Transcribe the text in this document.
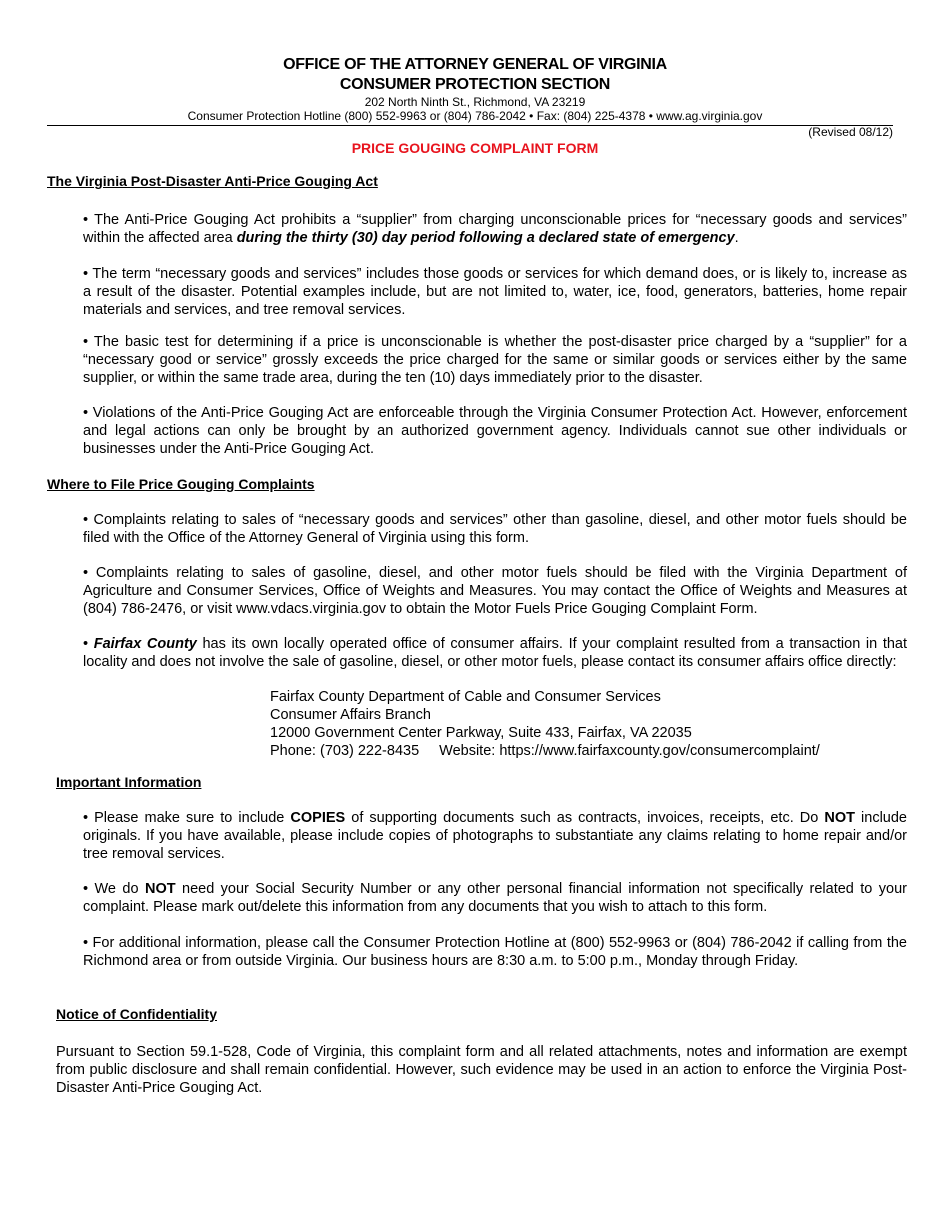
OFFICE OF THE ATTORNEY GENERAL OF VIRGINIA
CONSUMER PROTECTION SECTION
202 North Ninth St., Richmond, VA 23219
Consumer Protection Hotline (800) 552-9963 or (804) 786-2042 • Fax: (804) 225-4378 • www.ag.virginia.gov
(Revised 08/12)
PRICE GOUGING COMPLAINT FORM
The Virginia Post-Disaster Anti-Price Gouging Act
• The Anti-Price Gouging Act prohibits a “supplier” from charging unconscionable prices for “necessary goods and services” within the affected area during the thirty (30) day period following a declared state of emergency.
• The term “necessary goods and services” includes those goods or services for which demand does, or is likely to, increase as a result of the disaster. Potential examples include, but are not limited to, water, ice, food, generators, batteries, home repair materials and services, and tree removal services.
• The basic test for determining if a price is unconscionable is whether the post-disaster price charged by a “supplier” for a “necessary good or service” grossly exceeds the price charged for the same or similar goods or services either by the same supplier, or within the same trade area, during the ten (10) days immediately prior to the disaster.
• Violations of the Anti-Price Gouging Act are enforceable through the Virginia Consumer Protection Act. However, enforcement and legal actions can only be brought by an authorized government agency. Individuals cannot sue other individuals or businesses under the Anti-Price Gouging Act.
Where to File Price Gouging Complaints
• Complaints relating to sales of “necessary goods and services” other than gasoline, diesel, and other motor fuels should be filed with the Office of the Attorney General of Virginia using this form.
• Complaints relating to sales of gasoline, diesel, and other motor fuels should be filed with the Virginia Department of Agriculture and Consumer Services, Office of Weights and Measures. You may contact the Office of Weights and Measures at (804) 786-2476, or visit www.vdacs.virginia.gov to obtain the Motor Fuels Price Gouging Complaint Form.
• Fairfax County has its own locally operated office of consumer affairs. If your complaint resulted from a transaction in that locality and does not involve the sale of gasoline, diesel, or other motor fuels, please contact its consumer affairs office directly:
Fairfax County Department of Cable and Consumer Services
Consumer Affairs Branch
12000 Government Center Parkway, Suite 433, Fairfax, VA 22035
Phone: (703) 222-8435 Website: https://www.fairfaxcounty.gov/consumercomplaint/
Important Information
• Please make sure to include COPIES of supporting documents such as contracts, invoices, receipts, etc. Do NOT include originals. If you have available, please include copies of photographs to substantiate any claims relating to home repair and/or tree removal services.
• We do NOT need your Social Security Number or any other personal financial information not specifically related to your complaint. Please mark out/delete this information from any documents that you wish to attach to this form.
• For additional information, please call the Consumer Protection Hotline at (800) 552-9963 or (804) 786-2042 if calling from the Richmond area or from outside Virginia. Our business hours are 8:30 a.m. to 5:00 p.m., Monday through Friday.
Notice of Confidentiality
Pursuant to Section 59.1-528, Code of Virginia, this complaint form and all related attachments, notes and information are exempt from public disclosure and shall remain confidential. However, such evidence may be used in an action to enforce the Virginia Post-Disaster Anti-Price Gouging Act.
